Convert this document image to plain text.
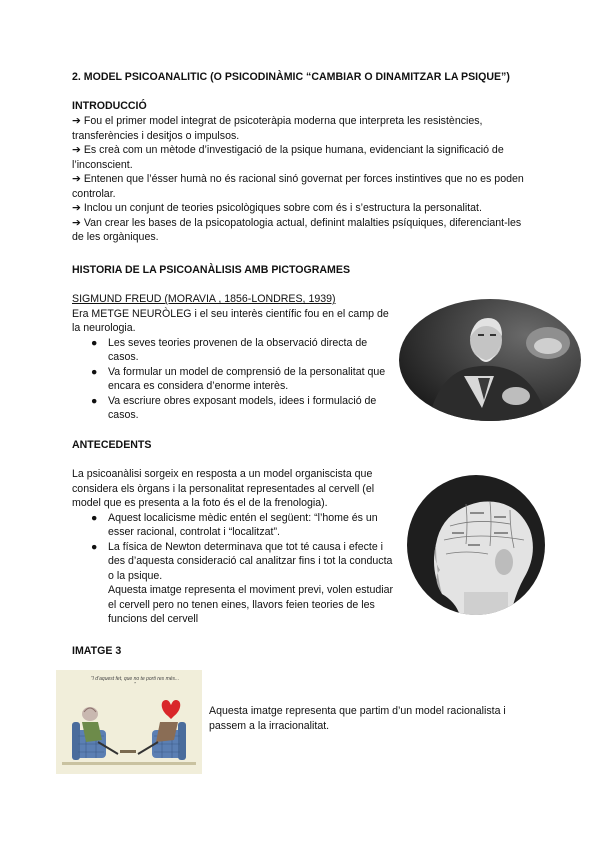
2. MODEL PSICOANALITIC (O PSICODINÀMIC “CAMBIAR O DINAMITZAR LA PSIQUE”)
INTRODUCCIÓ

➔ Fou el primer model integrat de psicoteràpia moderna que interpreta les resistències, transferències i desitjos o impulsos.

➔ Es creà com un mètode d’investigació de la psique humana, evidenciant la significació de l’inconscient.

➔ Entenen que l’ésser humà no és racional sinó governat per forces instintives que no es poden controlar.

➔ Inclou un conjunt de teories psicològiques sobre com és i s’estructura la personalitat.

➔ Van crear les bases de la psicopatologia actual, definint malalties psíquiques, diferenciant-les de les orgàniques.

HISTORIA DE LA PSICOANÀLISIS AMB PICTOGRAMES

SIGMUND FREUD (MORAVIA , 1856-LONDRES, 1939)

Era METGE NEURÒLEG i el seu interès científic fou en el camp de la neurologia.

● Les seves teories provenen de la observació directa de casos.
● Va formular un model de comprensió de la personalitat que encara es considera d’enorme interès.
● Va escriure obres exposant models, idees i formulació de casos.
ANTECEDENTS

La psicoanàlisi sorgeix en resposta a un model organiscista que considera els òrgans i la personalitat representades al cervell (el model que es presenta a la foto és el de la frenologia).

● Aquest localicisme mèdic entén el següent: “l’home és un esser racional, controlat i “localitzat”.
● La física de Newton determinava que tot té causa i efecte i des d’aquesta consideració cal analitzar fins i tot la conducta o la psique.

Aquesta imatge representa el moviment previ, volen estudiar el cervell pero no tenen eines, llavors feien teories de les funcions del cervell

IMATGE 3
“I d’aquest fet, que no te porti res més... ”
Aquesta imatge representa que partim d’un model racionalista i passem a la irracionalitat.
